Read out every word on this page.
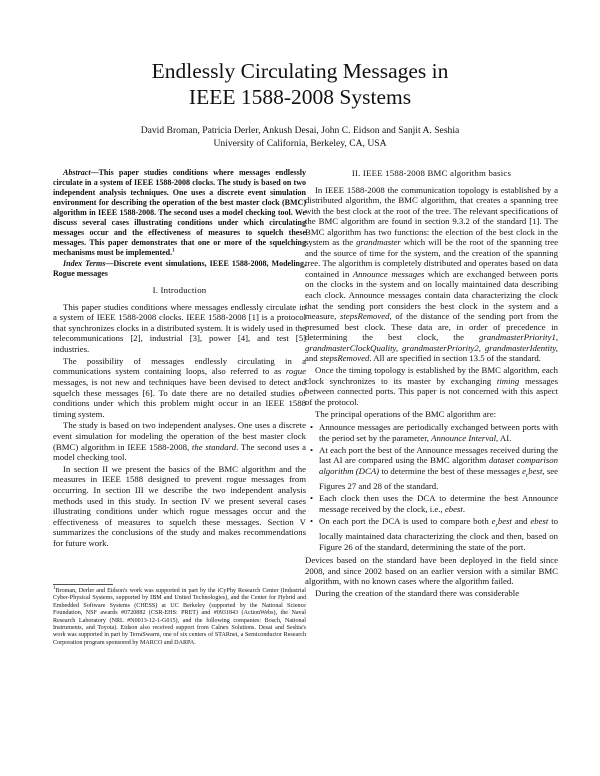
Endlessly Circulating Messages in
IEEE 1588-2008 Systems
David Broman, Patricia Derler, Ankush Desai, John C. Eidson and Sanjit A. Seshia
University of California, Berkeley, CA, USA

Abstract—This paper studies conditions where messages endlessly circulate in a system of IEEE 1588-2008 clocks. The study is based on two independent analysis techniques. One uses a discrete event simulation environment for describing the operation of the best master clock (BMC) algorithm in IEEE 1588-2008. The second uses a model checking tool. We discuss several cases illustrating conditions under which circulating messages occur and the effectiveness of measures to squelch these messages. This paper demonstrates that one or more of the squelching mechanisms must be implemented.$^1$

Index Terms—Discrete event simulations, IEEE 1588-2008, Modeling, Rogue messages

I. Introduction

This paper studies conditions where messages endlessly circulate in a system of IEEE 1588-2008 clocks. IEEE 1588-2008 [1] is a protocol that synchronizes clocks in a distributed system. It is widely used in the telecommunications [2], industrial [3], power [4], and test [5] industries.

The possibility of messages endlessly circulating in a communications system containing loops, also referred to as rogue messages, is not new and techniques have been devised to detect and squelch these messages [6]. To date there are no detailed studies of conditions under which this problem might occur in an IEEE 1588 timing system.

The study is based on two independent analyses. One uses a discrete event simulation for modeling the operation of the best master clock (BMC) algorithm in IEEE 1588-2008, the standard. The second uses a model checking tool.

In section II we present the basics of the BMC algorithm and the measures in IEEE 1588 designed to prevent rogue messages from occurring. In section III we describe the two independent analysis methods used in this study. In section IV we present several cases illustrating conditions under which rogue messages occur and the effectiveness of measures to squelch these messages. Section V summarizes the conclusions of the study and makes recommendations for future work.

$^1$Broman, Derler and Eidson's work was supported in part by the iCyPhy Research Center (Industrial Cyber-Physical Systems, supported by IBM and United Technologies), and the Center for Hybrid and Embedded Software Systems (CHESS) at UC Berkeley (supported by the National Science Foundation, NSF awards #0720882 (CSR-EHS: PRET) and #0931843 (ActionWebs), the Naval Research Laboratory (NRL #N0013-12-1-G015), and the following companies: Bosch, National Instruments, and Toyota). Eidson also received support from Calnex Solutions. Desai and Seshia's work was supported in part by TerraSwarm, one of six centers of STARnet, a Semiconductor Research Corporation program sponsored by MARCO and DARPA.
II. IEEE 1588-2008 BMC algorithm basics

In IEEE 1588-2008 the communication topology is established by a distributed algorithm, the BMC algorithm, that creates a spanning tree with the best clock at the root of the tree. The relevant specifications of the BMC algorithm are found in section 9.3.2 of the standard [1]. The BMC algorithm has two functions: the election of the best clock in the system as the grandmaster which will be the root of the spanning tree and the source of time for the system, and the creation of the spanning tree. The algorithm is completely distributed and operates based on data contained in Announce messages which are exchanged between ports on the clocks in the system and on locally maintained data describing each clock. Announce messages contain data characterizing the clock that the sending port considers the best clock in the system and a measure, stepsRemoved, of the distance of the sending port from the presumed best clock. These data are, in order of precedence in determining the best clock, the grandmasterPriority1, grandmasterClockQuality, grandmasterPriority2, grandmasterIdentity, and stepsRemoved. All are specified in section 13.5 of the standard.

Once the timing topology is established by the BMC algorithm, each clock synchronizes to its master by exchanging timing messages between connected ports. This paper is not concerned with this aspect of the protocol.

The principal operations of the BMC algorithm are:

• Announce messages are periodically exchanged between ports with the period set by the parameter, Announce Interval, AI.
• At each port the best of the Announce messages received during the last AI are compared using the BMC algorithm dataset comparison algorithm (DCA) to determine the best of these messages $e_rbest$, see Figures 27 and 28 of the standard.
• Each clock then uses the DCA to determine the best Announce message received by the clock, i.e., ebest.
• On each port the DCA is used to compare both $e_rbest$ and ebest to locally maintained data characterizing the clock and then, based on Figure 26 of the standard, determining the state of the port.

Devices based on the standard have been deployed in the field since 2008, and since 2002 based on an earlier version with a similar BMC algorithm, with no known cases where the algorithm failed.

During the creation of the standard there was considerable
